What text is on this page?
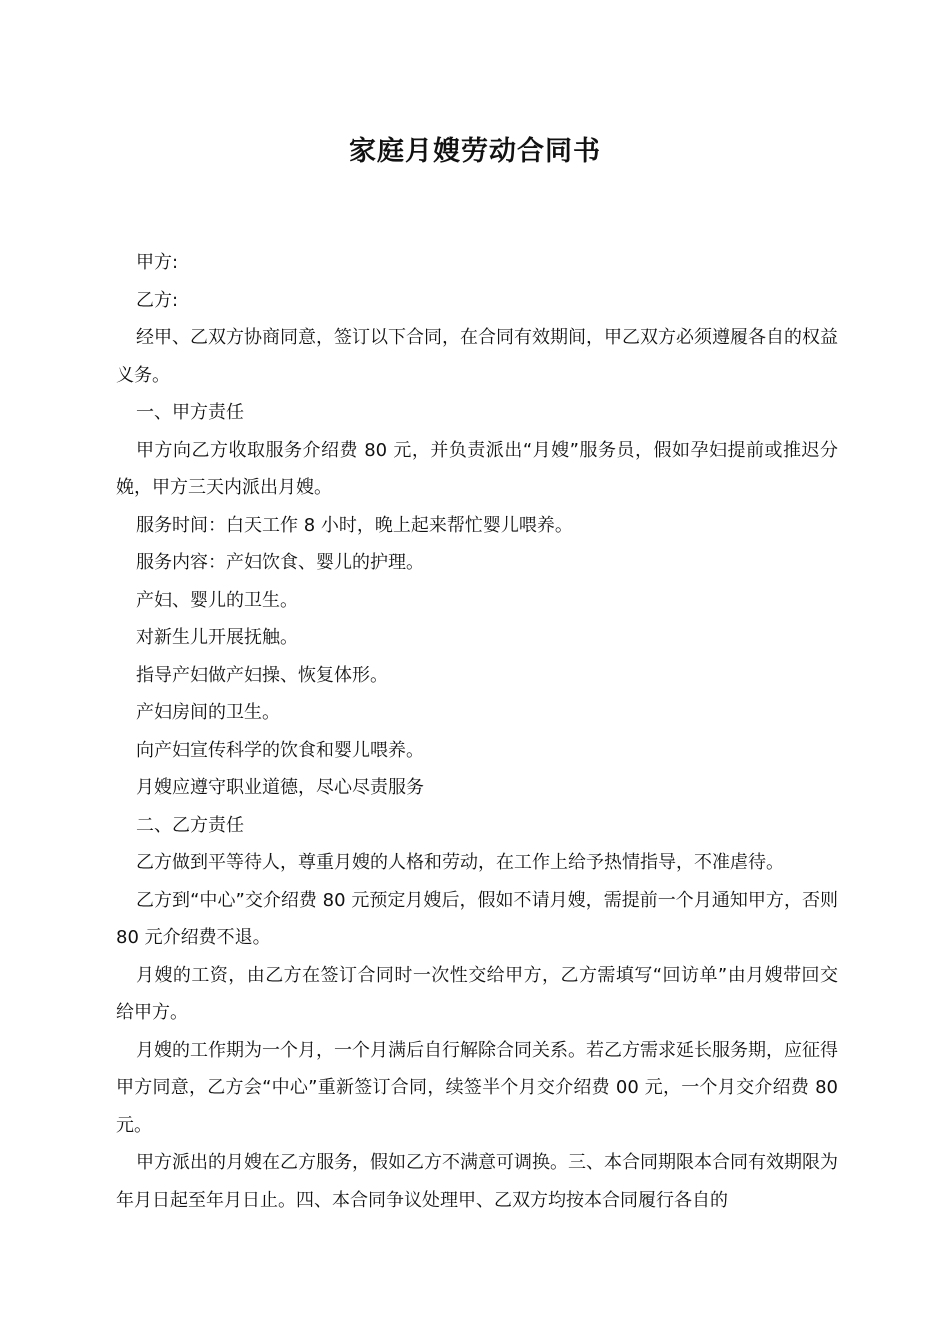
家庭月嫂劳动合同书

甲方:

乙方:

经甲、乙双方协商同意，签订以下合同，在合同有效期间，甲乙双方必须遵履各自的权益义务。

一、甲方责任

甲方向乙方收取服务介绍费 80 元，并负责派出“月嫂”服务员，假如孕妇提前或推迟分娩，甲方三天内派出月嫂。

服务时间：白天工作 8 小时，晚上起来帮忙婴儿喂养。

服务内容：产妇饮食、婴儿的护理。

产妇、婴儿的卫生。

对新生儿开展抚触。

指导产妇做产妇操、恢复体形。

产妇房间的卫生。

向产妇宣传科学的饮食和婴儿喂养。

月嫂应遵守职业道德，尽心尽责服务

二、乙方责任

乙方做到平等待人，尊重月嫂的人格和劳动，在工作上给予热情指导，不准虐待。

乙方到“中心”交介绍费 80 元预定月嫂后，假如不请月嫂，需提前一个月通知甲方，否则 80 元介绍费不退。

月嫂的工资，由乙方在签订合同时一次性交给甲方，乙方需填写“回访单”由月嫂带回交给甲方。

月嫂的工作期为一个月，一个月满后自行解除合同关系。若乙方需求延长服务期，应征得甲方同意，乙方会“中心”重新签订合同，续签半个月交介绍费 00 元，一个月交介绍费 80 元。

甲方派出的月嫂在乙方服务，假如乙方不满意可调换。三、本合同期限本合同有效期限为年月日起至年月日止。四、本合同争议处理甲、乙双方均按本合同履行各自的
